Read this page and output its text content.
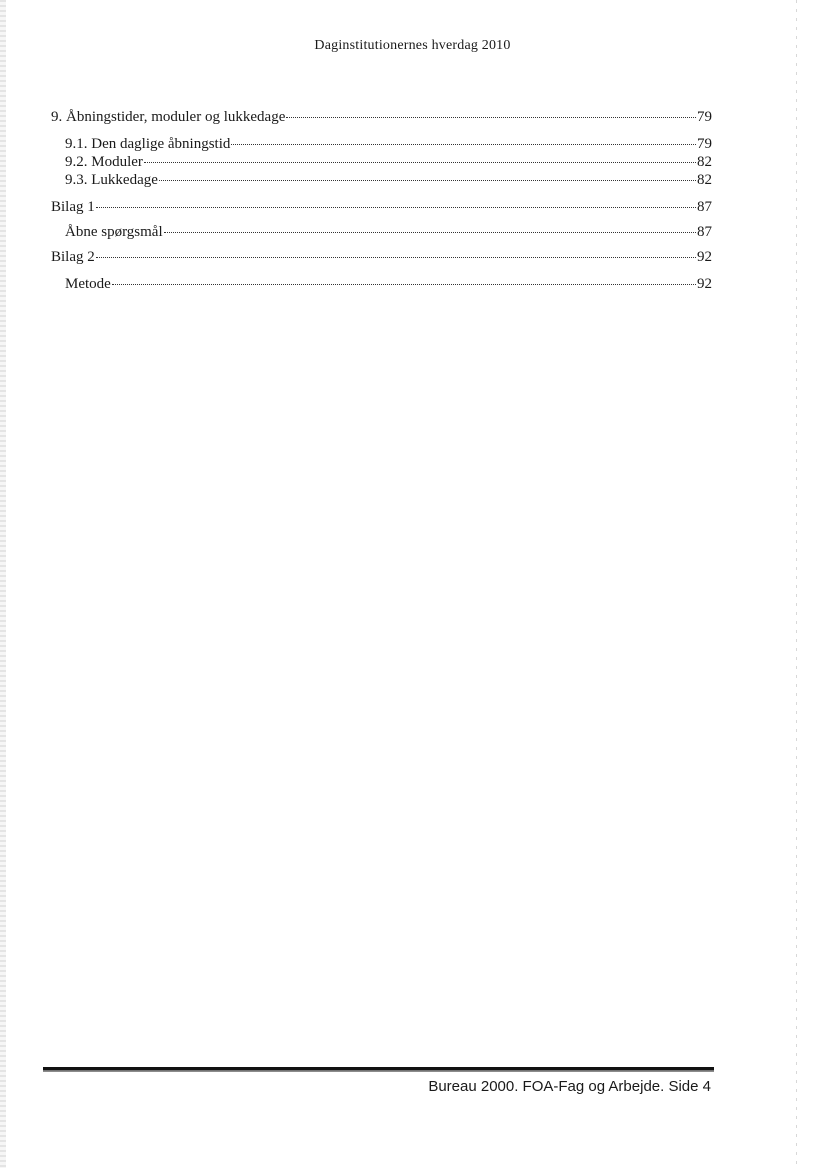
Daginstitutionernes hverdag 2010
9. Åbningstider, moduler og lukkedage	79
9.1. Den daglige åbningstid	79
9.2. Moduler	82
9.3. Lukkedage	82
Bilag 1	87
Åbne spørgsmål	87
Bilag 2	92
Metode	92
Bureau 2000. FOA-Fag og Arbejde. Side 4
